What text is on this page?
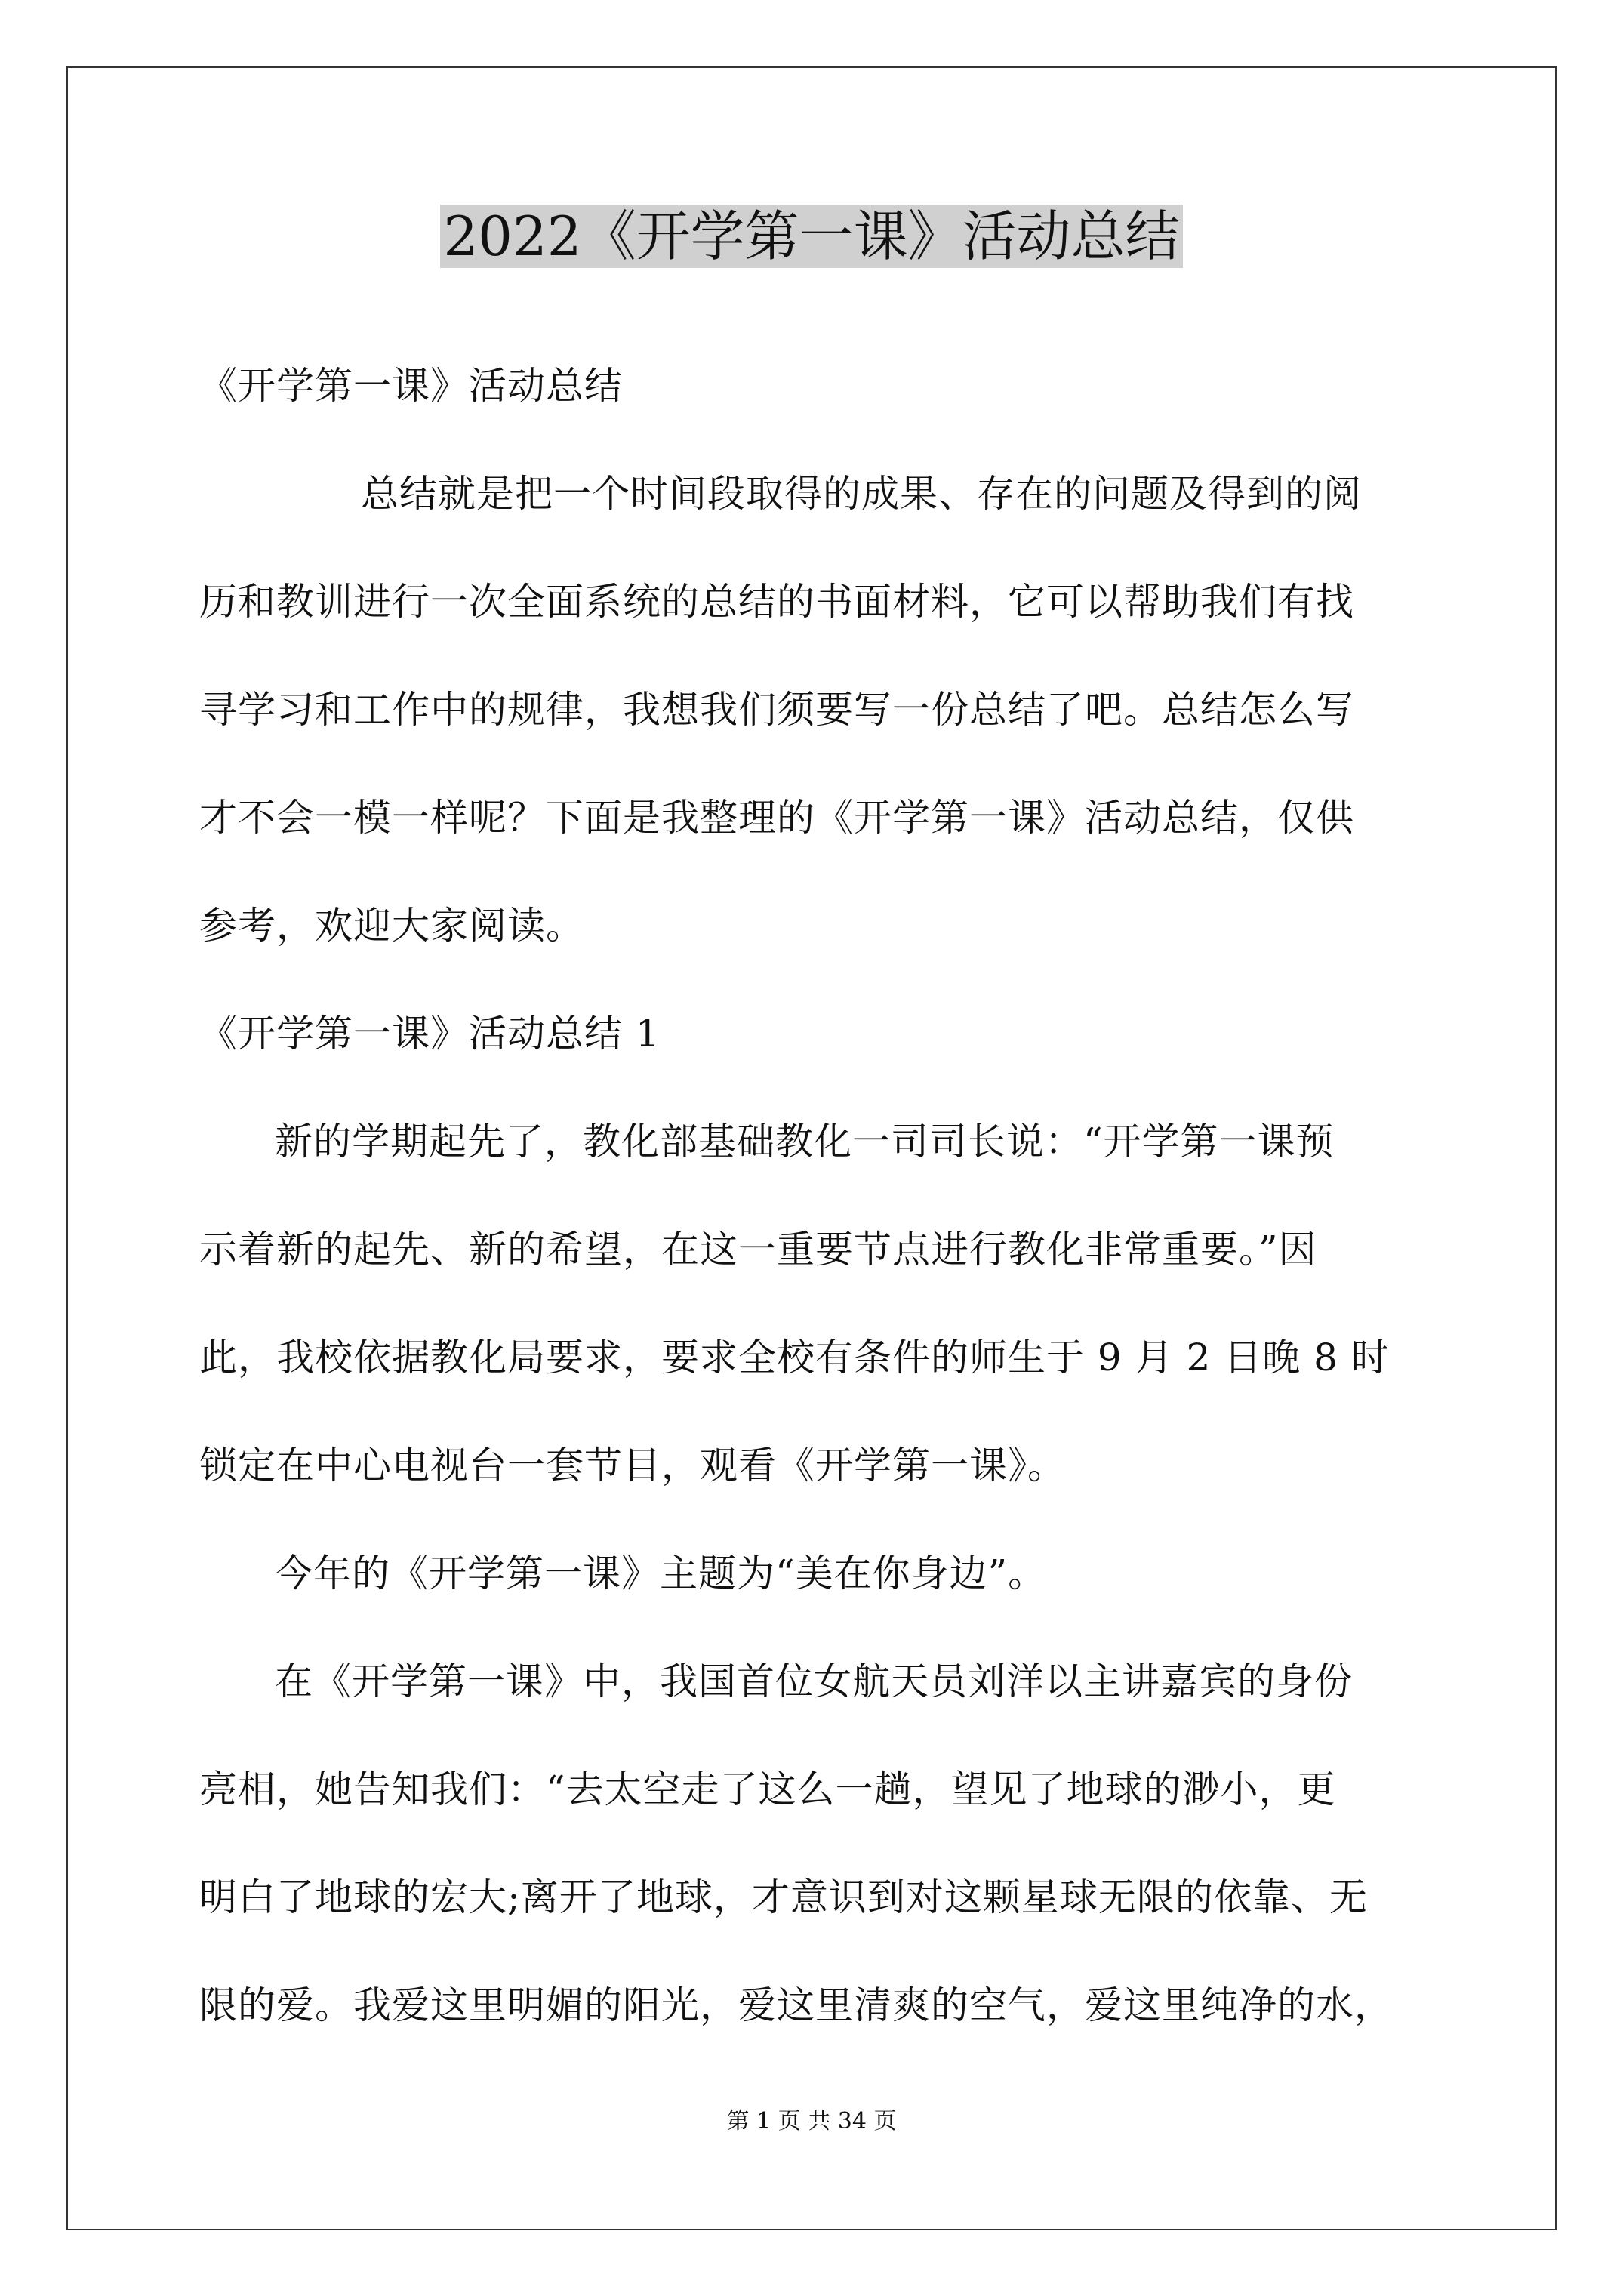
2022《开学第一课》活动总结
《开学第一课》活动总结
总结就是把一个时间段取得的成果、存在的问题及得到的阅
历和教训进行一次全面系统的总结的书面材料，它可以帮助我们有找
寻学习和工作中的规律，我想我们须要写一份总结了吧。总结怎么写
才不会一模一样呢？下面是我整理的《开学第一课》活动总结，仅供
参考，欢迎大家阅读。
《开学第一课》活动总结 1
新的学期起先了，教化部基础教化一司司长说：“开学第一课预
示着新的起先、新的希望，在这一重要节点进行教化非常重要。”因
此，我校依据教化局要求，要求全校有条件的师生于 9 月 2 日晚 8 时
锁定在中心电视台一套节目，观看《开学第一课》。
今年的《开学第一课》主题为“美在你身边”。
在《开学第一课》中，我国首位女航天员刘洋以主讲嘉宾的身份
亮相，她告知我们：“去太空走了这么一趟，望见了地球的渺小，更
明白了地球的宏大;离开了地球，才意识到对这颗星球无限的依靠、无
限的爱。我爱这里明媚的阳光，爱这里清爽的空气，爱这里纯净的水，
第 1 页 共 34 页
